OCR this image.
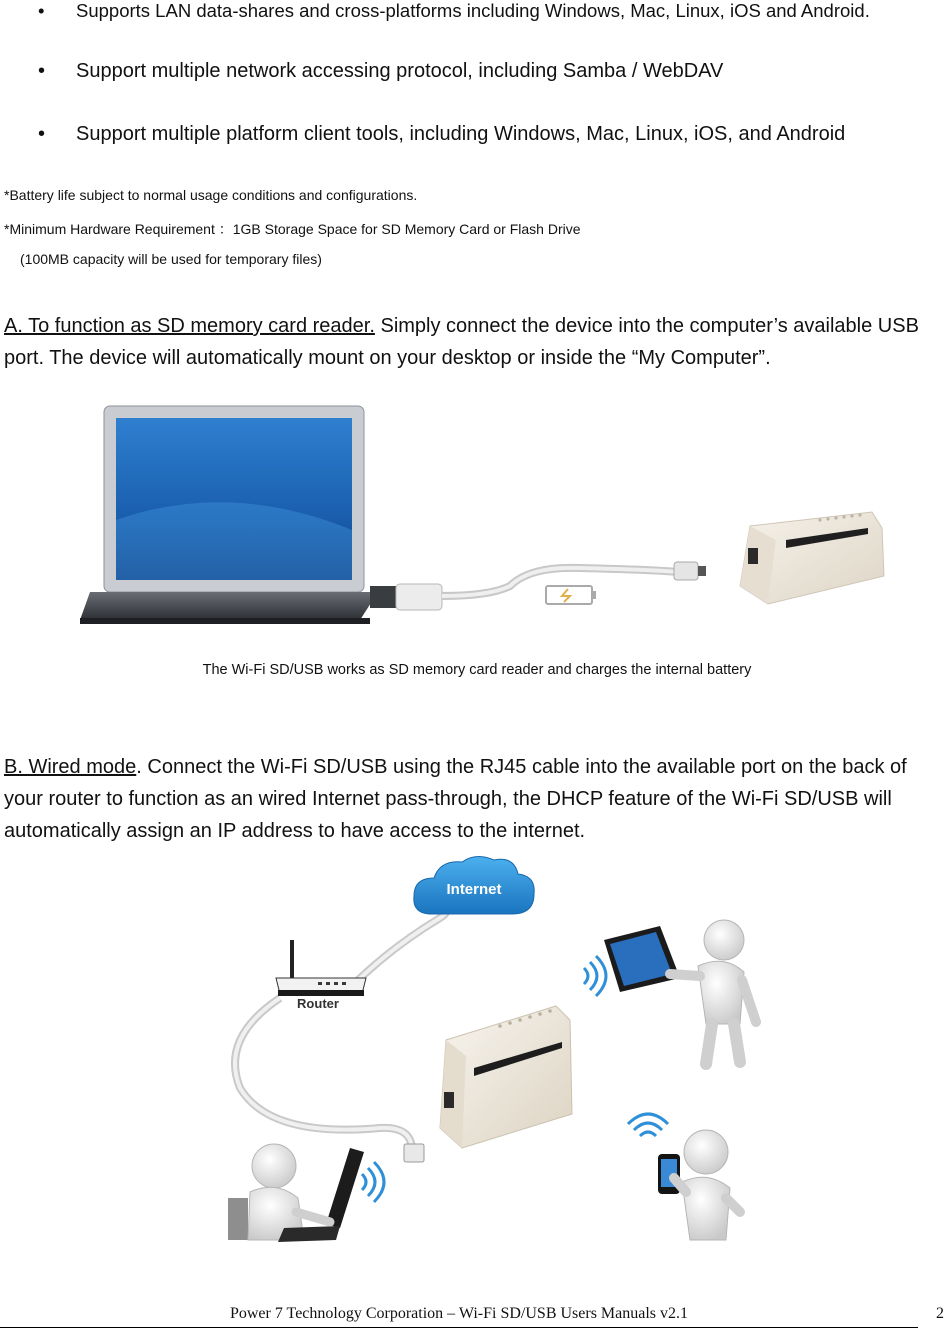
• Supports LAN data-shares and cross-platforms including Windows, Mac, Linux, iOS and Android.
• Support multiple network accessing protocol, including Samba / WebDAV
• Support multiple platform client tools, including Windows, Mac, Linux, iOS, and Android
*Battery life subject to normal usage conditions and configurations.
*Minimum Hardware Requirement ：1GB Storage Space for SD Memory Card or Flash Drive
(100MB capacity will be used for temporary files)
A. To function as SD memory card reader. Simply connect the device into the computer’s available USB port. The device will automatically mount on your desktop or inside the “My Computer”.
The Wi-Fi SD/USB works as SD memory card reader and charges the internal battery
B. Wired mode. Connect the Wi-Fi SD/USB using the RJ45 cable into the available port on the back of your router to function as an wired Internet pass-through, the DHCP feature of the Wi-Fi SD/USB will automatically assign an IP address to have access to the internet.
Internet
Router
Power 7 Technology Corporation – Wi-Fi SD/USB Users Manuals v2.1	2
